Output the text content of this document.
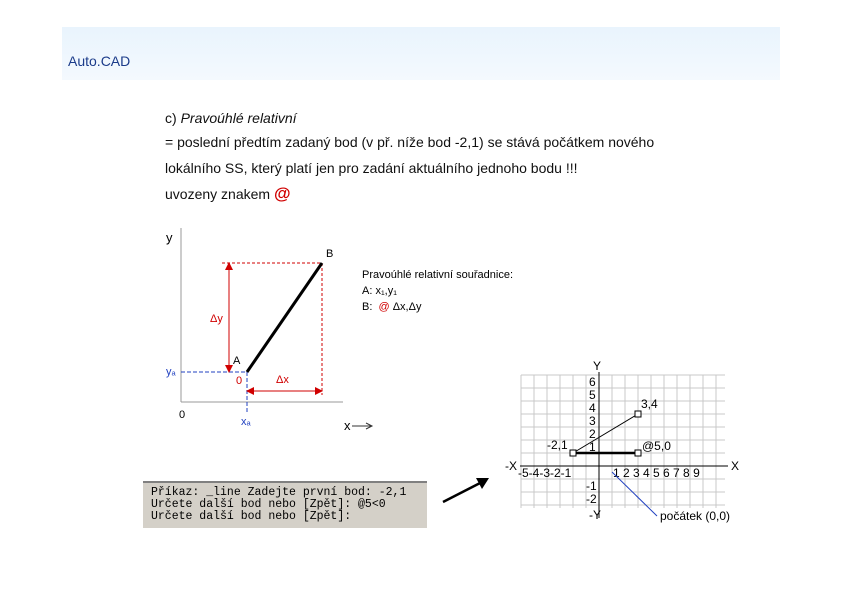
Auto.CAD
c) Pravoúhlé relativní
= poslední předtím zadaný bod (v př. níže bod -2,1) se stává počátkem nového
lokálního SS, který platí jen pro zadání aktuálního jednoho bodu !!!
uvozeny znakem @
y
x
0
yₐ
xₐ
Δy
Δx
B
A
0
Pravoúhlé relativní souřadnice:
A: x₁,y₁
B: @ Δx,Δy
Příkaz: _line Zadejte první bod: -2,1
Určete další bod nebo [Zpět]: @5<0
Určete další bod nebo [Zpět]:
Y
-Y
X
-X
6
5
4
3
2
1
-1
-2
-5-4-3-2-1	1 2 3 4 5 6 7 8 9
-2,1
3,4
@5,0
počátek (0,0)
